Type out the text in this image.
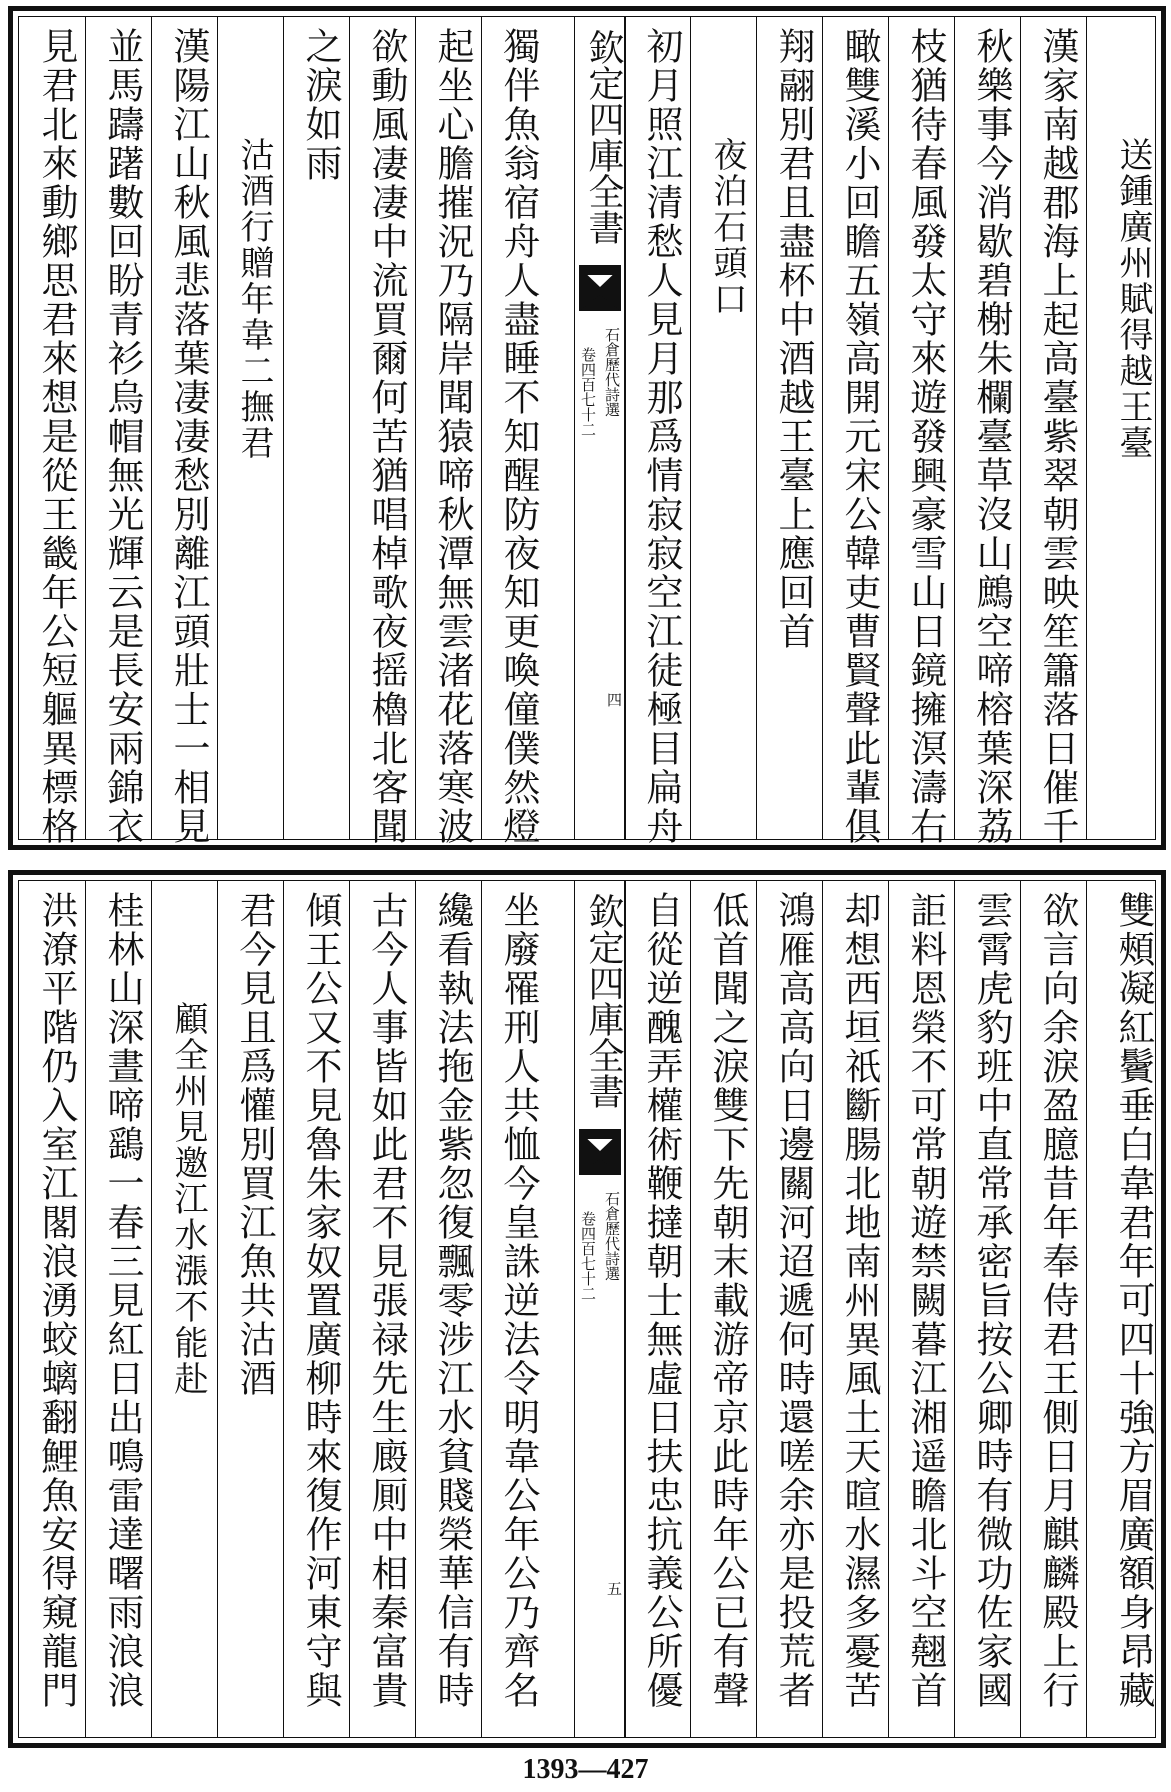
見君北來動鄉思君來想是從王畿年公短軀異標格 並馬躊躇數回盼青衫烏帽無光輝云是長安兩錦衣 漢陽江山秋風悲落葉凄凄愁別離江頭壯士一相見 沽酒行贈年韋二撫君
之淚如雨 欲動風凄凄中流買爾何苦猶唱棹歌夜摇櫓北客聞 起坐心膽摧況乃隔岸聞猿啼秋潭無雲渚花落寒波 獨伴魚翁宿舟人盡睡不知醒防夜知更喚僮僕然燈 欽定四庫全書
石倉歷代詩選
卷四百七十二
四 初月照江清愁人見月那爲情寂寂空江徒極目扁舟 夜泊石頭口 翔翮別君且盡杯中酒越王臺上應回首 瞰雙溪小回瞻五嶺高開元宋公韓吏曹賢聲此輩俱 枝猶待春風發太守來遊發興豪雪山日鏡擁溟濤右 秋樂事今消歇碧榭朱欄臺草沒山鷓空啼榕葉深荔 漢家南越郡海上起高臺紫翠朝雲映笙簫落日催千	送鍾廣州賦得越王臺
洪潦平階仍入室江閣浪湧蛟螭翻鯉魚安得窺龍門 桂林山深晝啼鷂一春三見紅日出鳴雷達曙雨浪浪 顧全州見邀江水漲不能赴 君今見且爲懽別買江魚共沽酒 傾王公又不見魯朱家奴置廣柳時來復作河東守與 古今人事皆如此君不見張禄先生廄厠中相秦富貴 纔看執法拖金紫忽復飄零涉江水貧賤榮華信有時 坐廢罹刑人共恤今皇誅逆法令明韋公年公乃齊名 欽定四庫全書
石倉歷代詩選
卷四百七十二
五 自從逆醜弄權術鞭撻朝士無虛日扶忠抗義公所優 低首聞之淚雙下先朝末載游帝京此時年公已有聲 鴻雁高高向日邊關河迢遞何時還嗟余亦是投荒者 却想西垣祇斷腸北地南州異風土天暄水濕多憂苦 詎料恩榮不可常朝遊禁闕暮江湘遥瞻北斗空翹首 雲霄虎豹班中直常承密旨按公卿時有微功佐家國 欲言向余淚盈臆昔年奉侍君王側日月麒麟殿上行 雙頰凝紅鬢垂白韋君年可四十強方眉廣額身昂藏
1393—427
